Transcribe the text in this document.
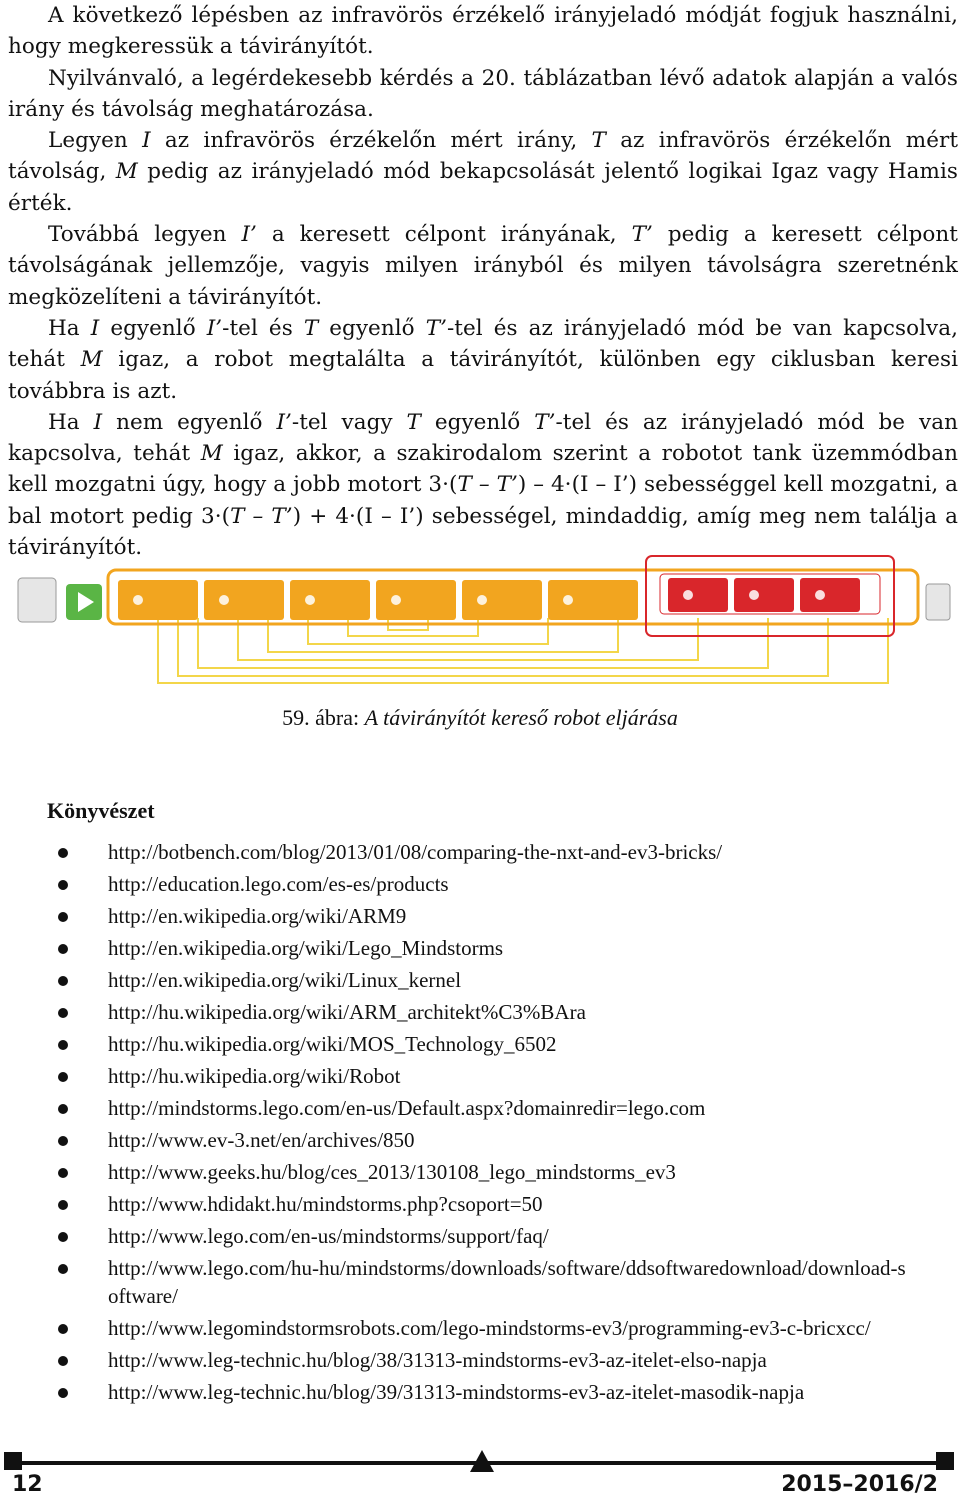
A következő lépésben az infravörös érzékelő irányjeladó módját fogjuk használni, hogy megkeressük a távirányítót.

Nyilvánvaló, a legérdekesebb kérdés a 20. táblázatban lévő adatok alapján a valós irány és távolság meghatározása.

Legyen I az infravörös érzékelőn mért irány, T az infravörös érzékelőn mért távolság, M pedig az irányjeladó mód bekapcsolását jelentő logikai Igaz vagy Hamis érték.

Továbbá legyen I’ a keresett célpont irányának, T’ pedig a keresett célpont távolságának jellemzője, vagyis milyen irányból és milyen távolságra szeretnénk megközelíteni a távirányítót.

Ha I egyenlő I’-tel és T egyenlő T’-tel és az irányjeladó mód be van kapcsolva, tehát M igaz, a robot megtalálta a távirányítót, különben egy ciklusban keresi továbbra is azt.

Ha I nem egyenlő I’-tel vagy T egyenlő T’-tel és az irányjeladó mód be van kapcsolva, tehát M igaz, akkor, a szakirodalom szerint a robotot tank üzemmódban kell mozgatni úgy, hogy a jobb motort 3·(T – T’) – 4·(I – I’) sebességgel kell mozgatni, a bal motort pedig 3·(T – T’) + 4·(I – I’) sebességel, mindaddig, amíg meg nem találja a távirányítót.

59. ábra: A távirányítót kereső robot eljárása
Könyvészet
http://botbench.com/blog/2013/01/08/comparing-the-nxt-and-ev3-bricks/
http://education.lego.com/es-es/products
http://en.wikipedia.org/wiki/ARM9
http://en.wikipedia.org/wiki/Lego_Mindstorms
http://en.wikipedia.org/wiki/Linux_kernel
http://hu.wikipedia.org/wiki/ARM_architekt%C3%BAra
http://hu.wikipedia.org/wiki/MOS_Technology_6502
http://hu.wikipedia.org/wiki/Robot
http://mindstorms.lego.com/en-us/Default.aspx?domainredir=lego.com
http://www.ev-3.net/en/archives/850
http://www.geeks.hu/blog/ces_2013/130108_lego_mindstorms_ev3
http://www.hdidakt.hu/mindstorms.php?csoport=50
http://www.lego.com/en-us/mindstorms/support/faq/
http://www.lego.com/hu-hu/mindstorms/downloads/software/ddsoftwaredownload/download-software/
http://www.legomindstormsrobots.com/lego-mindstorms-ev3/programming-ev3-c-bricxcc/
http://www.leg-technic.hu/blog/38/31313-mindstorms-ev3-az-itelet-elso-napja
http://www.leg-technic.hu/blog/39/31313-mindstorms-ev3-az-itelet-masodik-napja
12	2015–2016/2
